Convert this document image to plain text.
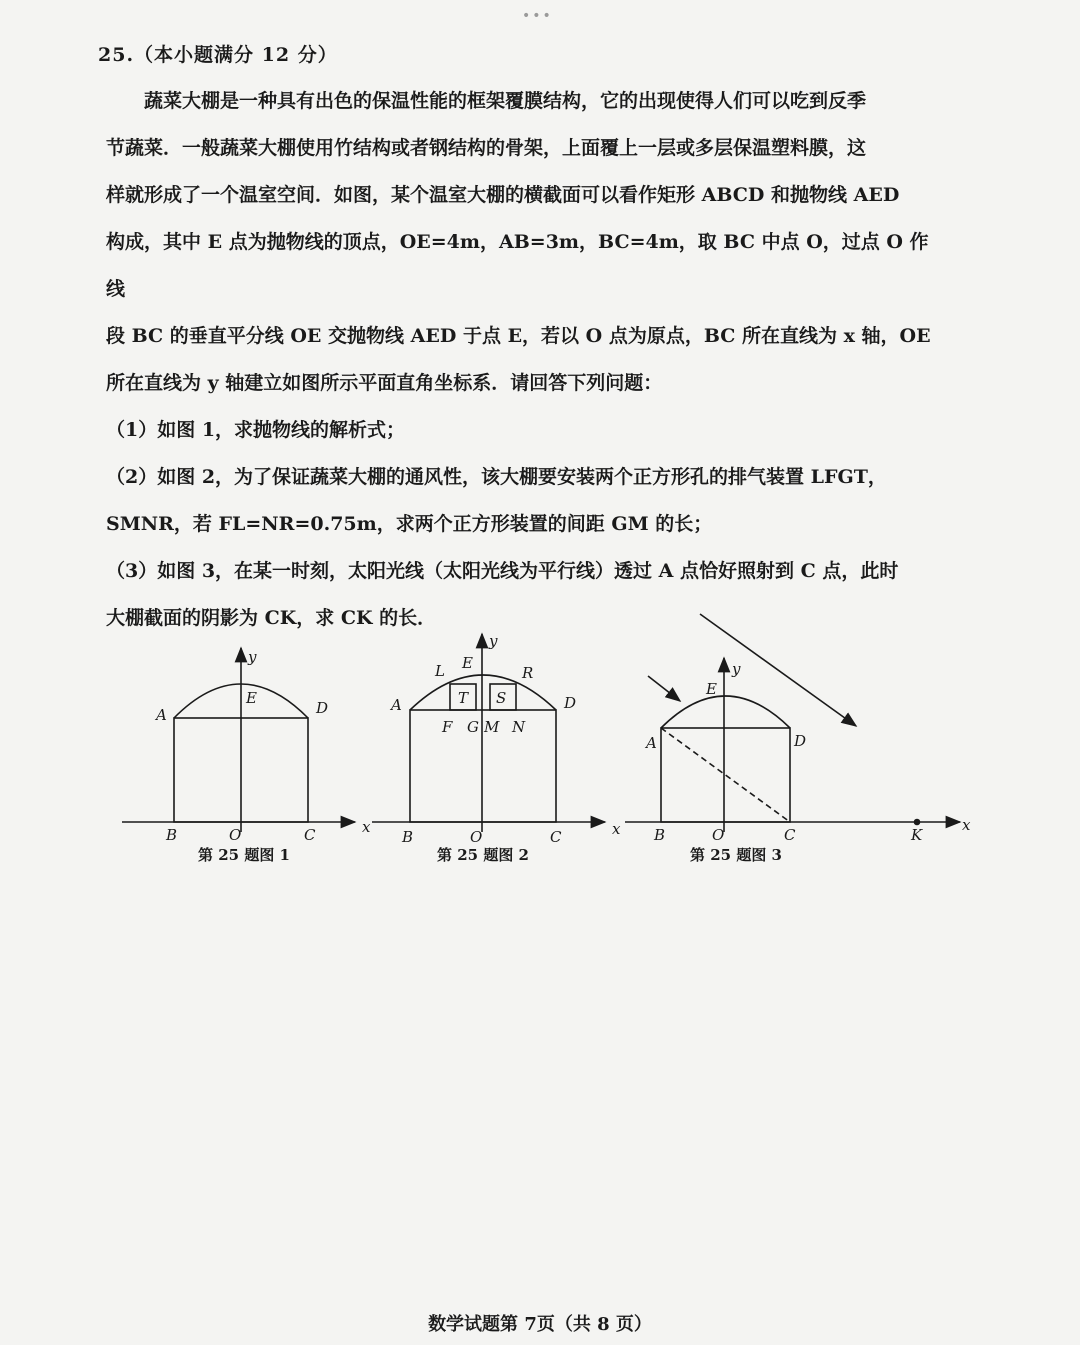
•••
25.（本小题满分 12 分）

蔬菜大棚是一种具有出色的保温性能的框架覆膜结构，它的出现使得人们可以吃到反季

节蔬菜．一般蔬菜大棚使用竹结构或者钢结构的骨架，上面覆上一层或多层保温塑料膜，这

样就形成了一个温室空间．如图，某个温室大棚的横截面可以看作矩形 ABCD 和抛物线 AED

构成，其中 E 点为抛物线的顶点，OE=4m，AB=3m，BC=4m，取 BC 中点 O，过点 O 作线

段 BC 的垂直平分线 OE 交抛物线 AED 于点 E，若以 O 点为原点，BC 所在直线为 x 轴，OE

所在直线为 y 轴建立如图所示平面直角坐标系．请回答下列问题：

（1）如图 1，求抛物线的解析式；

（2）如图 2，为了保证蔬菜大棚的通风性，该大棚要安装两个正方形孔的排气装置 LFGT，

SMNR，若 FL=NR=0.75m，求两个正方形装置的间距 GM 的长；

（3）如图 3，在某一时刻，太阳光线（太阳光线为平行线）透过 A 点恰好照射到 C 点，此时

大棚截面的阴影为 CK，求 CK 的长．

y
x
A	D
E
B	O	C
y
x
A	D
E
L	R
T S
F G M N
B	O	C
y
x
A	D
E
B	O	C	K
第 25 题图 1	第 25 题图 2	第 25 题图 3
数学试题第 7页（共 8 页）
